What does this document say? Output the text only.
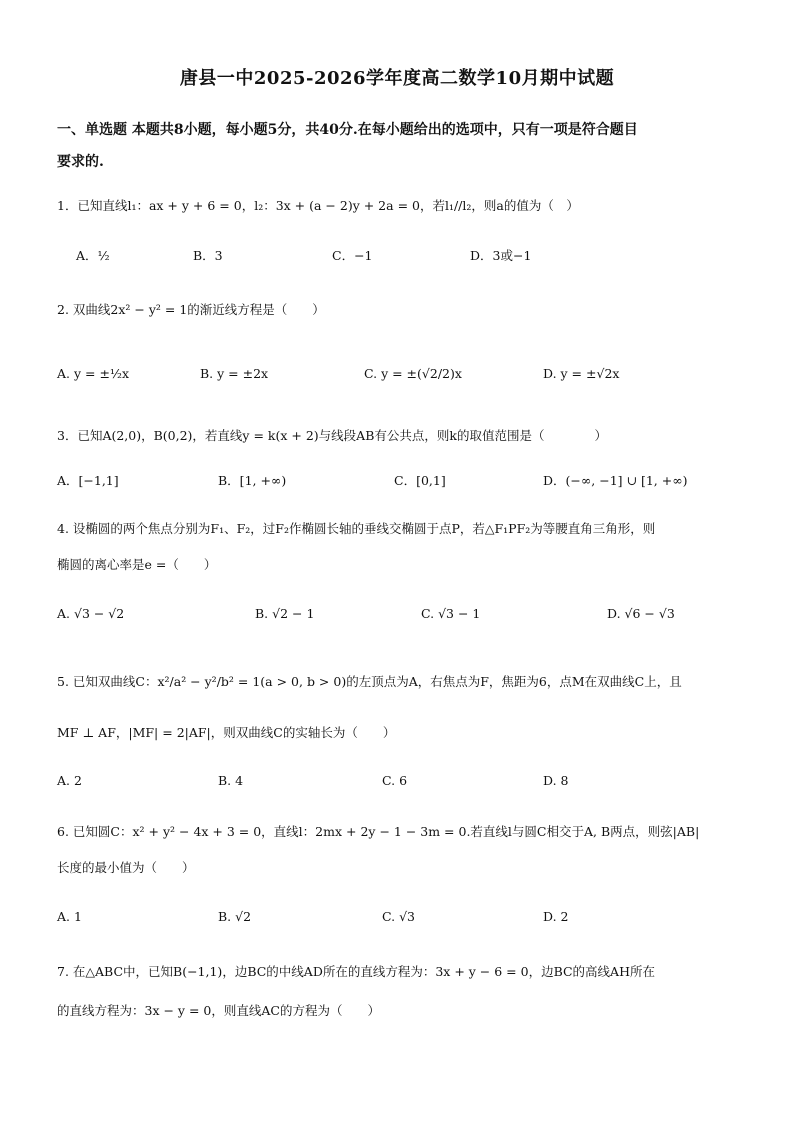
唐县一中2025-2026学年度高二数学10月期中试题
一、单选题 本题共8小题，每小题5分，共40分.在每小题给出的选项中，只有一项是符合题目
要求的.
1．已知直线l₁：ax + y + 6 = 0，l₂：3x + (a − 2)y + 2a = 0，若l₁//l₂，则a的值为（　）
A．½	B．3	C．−1	D．3或−1
2. 双曲线2x² − y² = 1的渐近线方程是（　　）
A. y = ±½x	B. y = ±2x	C. y = ±(√2/2)x	D. y = ±√2x
3．已知A(2,0)，B(0,2)，若直线y = k(x + 2)与线段AB有公共点，则k的取值范围是（　　　　）
A．[−1,1]	B．[1, +∞)	C．[0,1]	D．(−∞, −1] ∪ [1, +∞)
4. 设椭圆的两个焦点分别为F₁、F₂，过F₂作椭圆长轴的垂线交椭圆于点P，若△F₁PF₂为等腰直角三角形，则
椭圆的离心率是e =（　　）
A. √3 − √2	B. √2 − 1	C. √3 − 1	D. √6 − √3
5. 已知双曲线C：x²/a² − y²/b² = 1(a > 0, b > 0)的左顶点为A，右焦点为F，焦距为6，点M在双曲线C上，且
MF ⊥ AF，|MF| = 2|AF|，则双曲线C的实轴长为（　　）
A. 2	B. 4	C. 6	D. 8
6. 已知圆C：x² + y² − 4x + 3 = 0，直线l：2mx + 2y − 1 − 3m = 0.若直线l与圆C相交于A, B两点，则弦|AB|
长度的最小值为（　　）
A. 1	B. √2	C. √3	D. 2
7. 在△ABC中，已知B(−1,1)，边BC的中线AD所在的直线方程为：3x + y − 6 = 0，边BC的高线AH所在
的直线方程为：3x − y = 0，则直线AC的方程为（　　）
